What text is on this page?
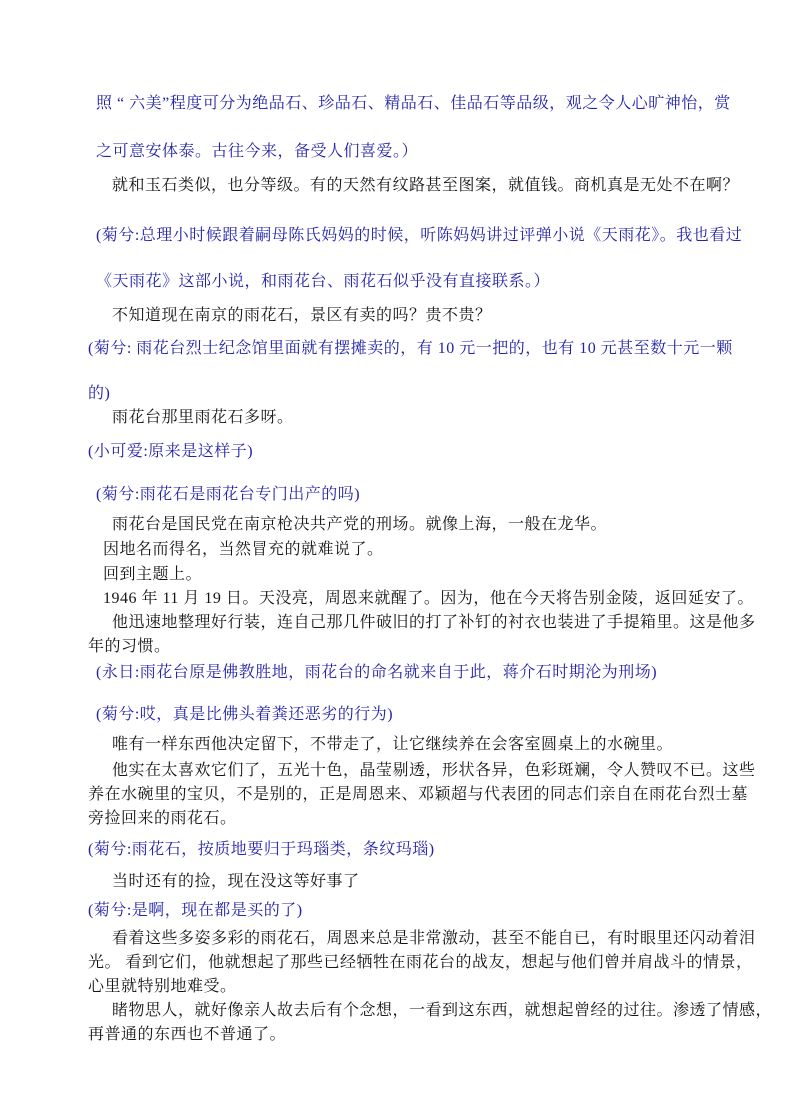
照 “ 六美”程度可分为绝品石、珍品石、精品石、佳品石等品级，观之令人心旷神怡，赏
之可意安体泰。古往今来，备受人们喜爱。）
就和玉石类似，也分等级。有的天然有纹路甚至图案，就值钱。商机真是无处不在啊？
(菊兮:总理小时候跟着嗣母陈氏妈妈的时候，听陈妈妈讲过评弹小说《天雨花》。我也看过
《天雨花》这部小说，和雨花台、雨花石似乎没有直接联系。）
不知道现在南京的雨花石，景区有卖的吗？贵不贵？
(菊兮: 雨花台烈士纪念馆里面就有摆摊卖的，有 10 元一把的，也有 10 元甚至数十元一颗
的)
雨花台那里雨花石多呀。
(小可爱:原来是这样子)
(菊兮:雨花石是雨花台专门出产的吗)
雨花台是国民党在南京枪决共产党的刑场。就像上海，一般在龙华。
因地名而得名，当然冒充的就难说了。
回到主题上。
1946 年 11 月 19 日。天没亮，周恩来就醒了。因为，他在今天将告别金陵，返回延安了。
他迅速地整理好行装，连自己那几件破旧的打了补钉的衬衣也装进了手提箱里。这是他多
年的习惯。
(永日:雨花台原是佛教胜地，雨花台的命名就来自于此，蒋介石时期沦为刑场)
(菊兮:哎，真是比佛头着粪还恶劣的行为)
唯有一样东西他决定留下，不带走了，让它继续养在会客室圆桌上的水碗里。
他实在太喜欢它们了，五光十色，晶莹剔透，形状各异，色彩斑斓，令人赞叹不已。这些
养在水碗里的宝贝，不是别的，正是周恩来、邓颖超与代表团的同志们亲自在雨花台烈士墓
旁捡回来的雨花石。
(菊兮:雨花石，按质地要归于玛瑙类，条纹玛瑙)
当时还有的捡，现在没这等好事了
(菊兮:是啊，现在都是买的了)
看着这些多姿多彩的雨花石，周恩来总是非常激动，甚至不能自已，有时眼里还闪动着泪
光。 看到它们，他就想起了那些已经牺牲在雨花台的战友，想起与他们曾并肩战斗的情景，
心里就特别地难受。
睹物思人，就好像亲人故去后有个念想，一看到这东西，就想起曾经的过往。渗透了情感，
再普通的东西也不普通了。
